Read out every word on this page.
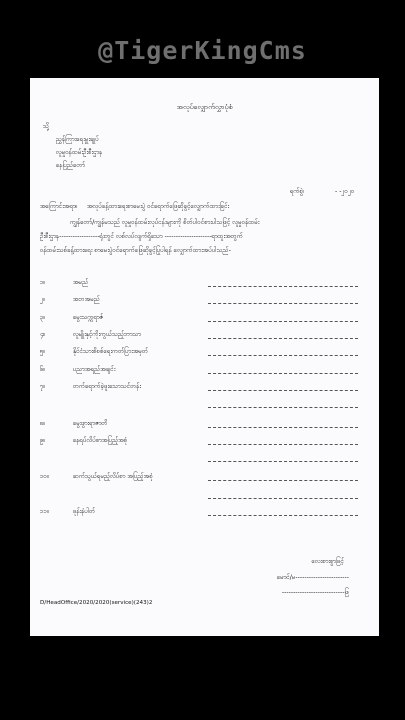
@TigerKingCms
အလုပ်လျှောက်လွှာပုံစံ
သို့
ညွှန်ကြားရေးမှူးချုပ်
လူမှုဝန်ထမ်းဦးစီးဌာန
နေပြည်တော်
ရက်စွဲ၊	- -၂၀၂၀
အကြောင်းအရာ။ အလုပ်ခန့်ထားရေးစာမေးပွဲ ဝင်ရောက်ဖြေဆိုခွင့်လျှောက်ထားခြင်း
ကျွန်တော်/ကျွန်မသည် လူမှုဝန်ထမ်းလုပ်ငန်းများကို စိတ်ပါဝင်စားပါသဖြင့် လူမှုဝန်ထမ်း
ဦးစီးဌာန------------------ရုံးတွင် လစ်လပ်လျက်ရှိသော ---------------------ရာထူးအတွက်
ဝန်ထမ်းသစ်ခန့်ထားရေး စာမေးပွဲဝင်ရောက်ဖြေဆိုခွင့်ပြုပါရန် လျှောက်ထားအပ်ပါသည်-
၁။	အမည်
၂။	အဘအမည်
၃။	မွေးသက္ကရာဇ်
၄။	လူမျိုးနှင့်ကိုးကွယ်သည့်ဘာသာ
၅။	နိုင်ငံသားစိစစ်ရေးကတ်ပြားအမှတ်
၆။	ပညာအရည်အချင်း
၇။	တက်ရောက်ခဲ့ဖူးသောသင်တန်း
၈။	မွေးဖွားရာဇာတိ
၉။	နေရပ်လိပ်စာအပြည့်အစုံ
၁၀။	ဆက်သွယ်ရမည့်လိပ်စာ အပြည့်အစုံ
၁၁။	ဖုန်းနံပါတ်
လေးစားစွာဖြင့်
မောင်/မ------------------------
----------------------------ဖြ
D/HeadOffice/2020/2020(service)(243)2
